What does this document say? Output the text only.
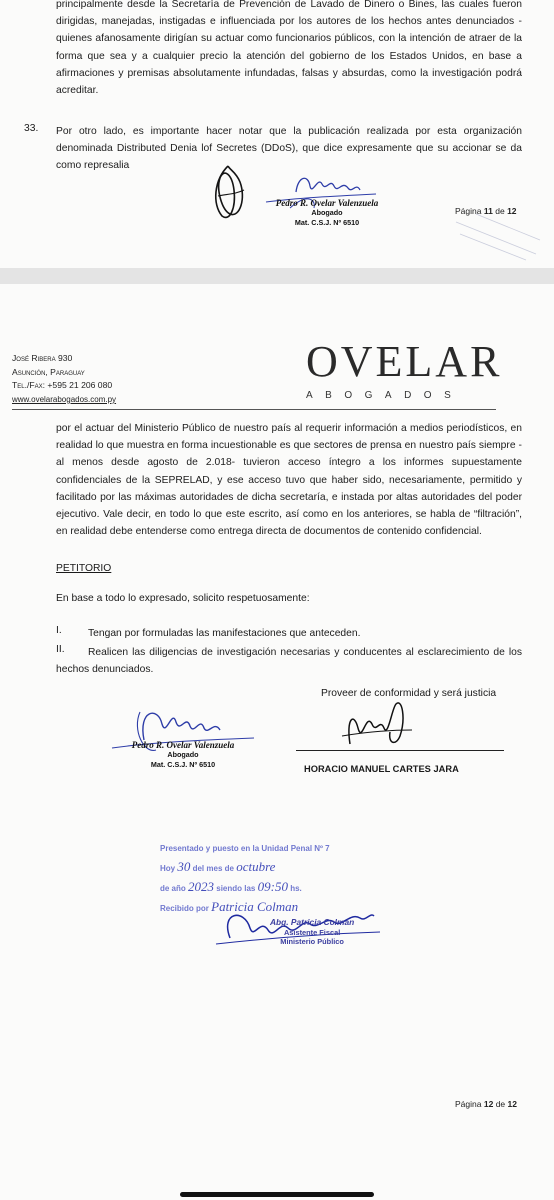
principalmente desde la Secretaría de Prevención de Lavado de Dinero o Bines, las cuales fueron dirigidas, manejadas, instigadas e influenciada por los autores de los hechos antes denunciados - quienes afanosamente dirigían su actuar como funcionarios públicos, con la intención de atraer de la forma que sea y a cualquier precio la atención del gobierno de los Estados Unidos, en base a afirmaciones y premisas absolutamente infundadas, falsas y absurdas, como la investigación podrá acreditar.

33. Por otro lado, es importante hacer notar que la publicación realizada por esta organización denominada Distributed Denia lof Secretes (DDoS), que dice expresamente que su accionar se da como represalia

Pedro R. Ovelar Valenzuela
Abogado
Mat. C.S.J. Nº 6510
Página 11 de 12
José Ribera 930
Asunción, Paraguay
Tel./Fax: +595 21 206 080
www.ovelarabogados.com.py
OVELAR
ABOGADOS

por el actuar del Ministerio Público de nuestro país al requerir información a medios periodísticos, en realidad lo que muestra en forma incuestionable es que sectores de prensa en nuestro país siempre - al menos desde agosto de 2.018- tuvieron acceso íntegro a los informes supuestamente confidenciales de la SEPRELAD, y ese acceso tuvo que haber sido, necesariamente, permitido y facilitado por las máximas autoridades de dicha secretaría, e instada por altas autoridades del poder ejecutivo. Vale decir, en todo lo que este escrito, así como en los anteriores, se habla de “filtración”, en realidad debe entenderse como entrega directa de documentos de contenido confidencial.

PETITORIO
En base a todo lo expresado, solicito respetuosamente:
I.	Tengan por formuladas las manifestaciones que anteceden.
II.	Realicen las diligencias de investigación necesarias y conducentes al esclarecimiento de los hechos denunciados.
Proveer de conformidad y será justicia
Pedro R. Ovelar Valenzuela
Abogado
Mat. C.S.J. Nº 6510	HORACIO MANUEL CARTES JARA
Presentado y puesto en la Unidad Penal Nº 7
Hoy 30 del mes de octubre
de año 2023 siendo las 09:50 hs.
Recibido por Patricia Colman
Abg. Patricia Colmán
Asistente Fiscal
Ministerio Público
Página 12 de 12
